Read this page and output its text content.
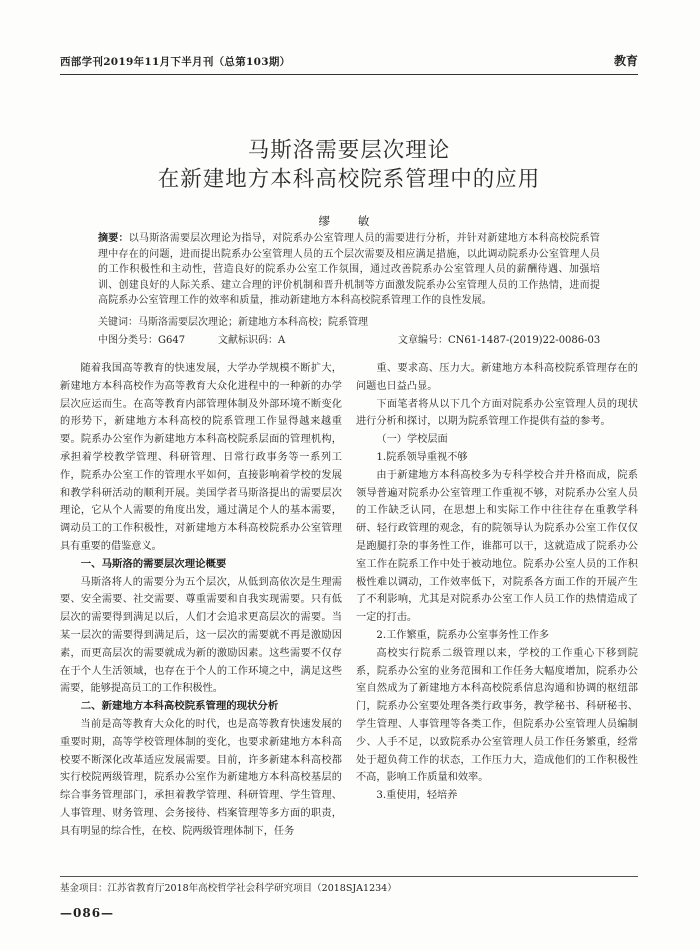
西部学刊2019年11月下半月刊（总第103期）	教育
马斯洛需要层次理论
在新建地方本科高校院系管理中的应用
缪 敏
摘要：以马斯洛需要层次理论为指导，对院系办公室管理人员的需要进行分析，并针对新建地方本科高校院系管理中存在的问题，进而提出院系办公室管理人员的五个层次需要及相应满足措施，以此调动院系办公室管理人员的工作积极性和主动性，营造良好的院系办公室工作氛围，通过改善院系办公室管理人员的薪酬待遇、加强培训、创建良好的人际关系、建立合理的评价机制和晋升机制等方面激发院系办公室管理人员的工作热情，进而提高院系办公室管理工作的效率和质量，推动新建地方本科高校院系管理工作的良性发展。
关键词：马斯洛需要层次理论；新建地方本科高校；院系管理
中图分类号：G647	文献标识码：A	文章编号：CN61-1487-(2019)22-0086-03

随着我国高等教育的快速发展，大学办学规模不断扩大，新建地方本科高校作为高等教育大众化进程中的一种新的办学层次应运而生。在高等教育内部管理体制及外部环境不断变化的形势下，新建地方本科高校的院系管理工作显得越来越重要。院系办公室作为新建地方本科高校院系层面的管理机构，承担着学校教学管理、科研管理、日常行政事务等一系列工作，院系办公室工作的管理水平如何，直接影响着学校的发展和教学科研活动的顺利开展。美国学者马斯洛提出的需要层次理论，它从个人需要的角度出发，通过满足个人的基本需要，调动员工的工作积极性，对新建地方本科高校院系办公室管理具有重要的借鉴意义。

一、马斯洛的需要层次理论概要

马斯洛将人的需要分为五个层次，从低到高依次是生理需要、安全需要、社交需要、尊重需要和自我实现需要。只有低层次的需要得到满足以后，人们才会追求更高层次的需要。当某一层次的需要得到满足后，这一层次的需要就不再是激励因素，而更高层次的需要就成为新的激励因素。这些需要不仅存在于个人生活领域，也存在于个人的工作环境之中，满足这些需要，能够提高员工的工作积极性。

二、新建地方本科高校院系管理的现状分析

当前是高等教育大众化的时代，也是高等教育快速发展的重要时期，高等学校管理体制的变化，也要求新建地方本科高校要不断深化改革适应发展需要。目前，许多新建本科高校都实行校院两级管理，院系办公室作为新建地方本科高校基层的综合事务管理部门，承担着教学管理、科研管理、学生管理、人事管理、财务管理、会务接待、档案管理等多方面的职责，具有明显的综合性，在校、院两级管理体制下，任务

重、要求高、压力大。新建地方本科高校院系管理存在的问题也日益凸显。

下面笔者将从以下几个方面对院系办公室管理人员的现状进行分析和探讨，以期为院系管理工作提供有益的参考。

（一）学校层面
1.院系领导重视不够

由于新建地方本科高校多为专科学校合并升格而成，院系领导普遍对院系办公室管理工作重视不够，对院系办公室人员的工作缺乏认同，在思想上和实际工作中往往存在重教学科研、轻行政管理的观念，有的院领导认为院系办公室工作仅仅是跑腿打杂的事务性工作，谁都可以干，这就造成了院系办公室工作在院系工作中处于被动地位。院系办公室人员的工作积极性难以调动，工作效率低下，对院系各方面工作的开展产生了不利影响，尤其是对院系办公室工作人员工作的热情造成了一定的打击。

2.工作繁重，院系办公室事务性工作多

高校实行院系二级管理以来，学校的工作重心下移到院系，院系办公室的业务范围和工作任务大幅度增加，院系办公室自然成为了新建地方本科高校院系信息沟通和协调的枢纽部门，院系办公室要处理各类行政事务，教学秘书、科研秘书、学生管理、人事管理等各类工作，但院系办公室管理人员编制少、人手不足，以致院系办公室管理人员工作任务繁重，经常处于超负荷工作的状态，工作压力大，造成他们的工作积极性不高，影响工作质量和效率。

3.重使用，轻培养
基金项目：江苏省教育厅2018年高校哲学社会科学研究项目（2018SJA1234）
—086—
